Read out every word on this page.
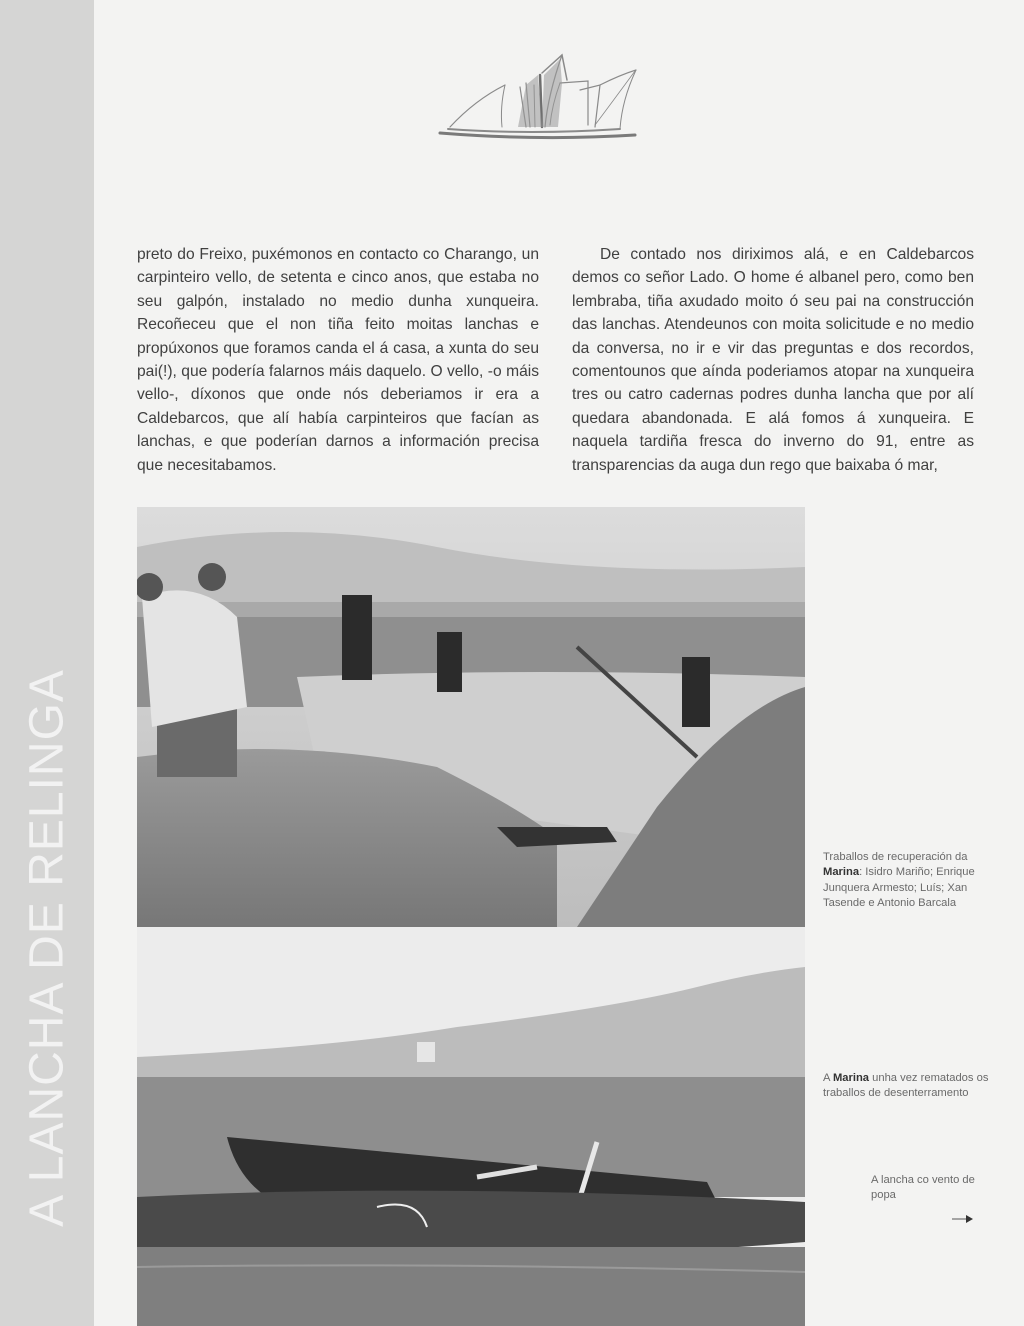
A LANCHA DE RELINGA

preto do Freixo, puxémonos en contacto co Charango, un carpinteiro vello, de setenta e cinco anos, que estaba no seu galpón, instalado no medio dunha xunqueira. Recoñeceu que el non tiña feito moitas lanchas e propúxonos que foramos canda el á casa, a xunta do seu pai(!), que podería falarnos máis daquelo. O vello, -o máis vello-, díxonos que onde nós deberiamos ir era a Caldebarcos, que alí había carpinteiros que facían as lanchas, e que poderían darnos a información precisa que necesitabamos.

De contado nos diriximos alá, e en Caldebarcos demos co señor Lado. O home é albanel pero, como ben lembraba, tiña axudado moito ó seu pai na construcción das lanchas. Atendeunos con moita solicitude e no medio da conversa, no ir e vir das preguntas e dos recordos, comentounos que aínda poderiamos atopar na xunqueira tres ou catro cadernas podres dunha lancha que por alí quedara abandonada. E alá fomos á xunqueira. E naquela tardiña fresca do inverno do 91, entre as transparencias da auga dun rego que baixaba ó mar,

Traballos de recuperación da Marina: Isidro Mariño; Enrique Junquera Armesto; Luís; Xan Tasende e Antonio Barcala
A Marina unha vez rematados os traballos de desenterramento
A lancha co vento de popa
